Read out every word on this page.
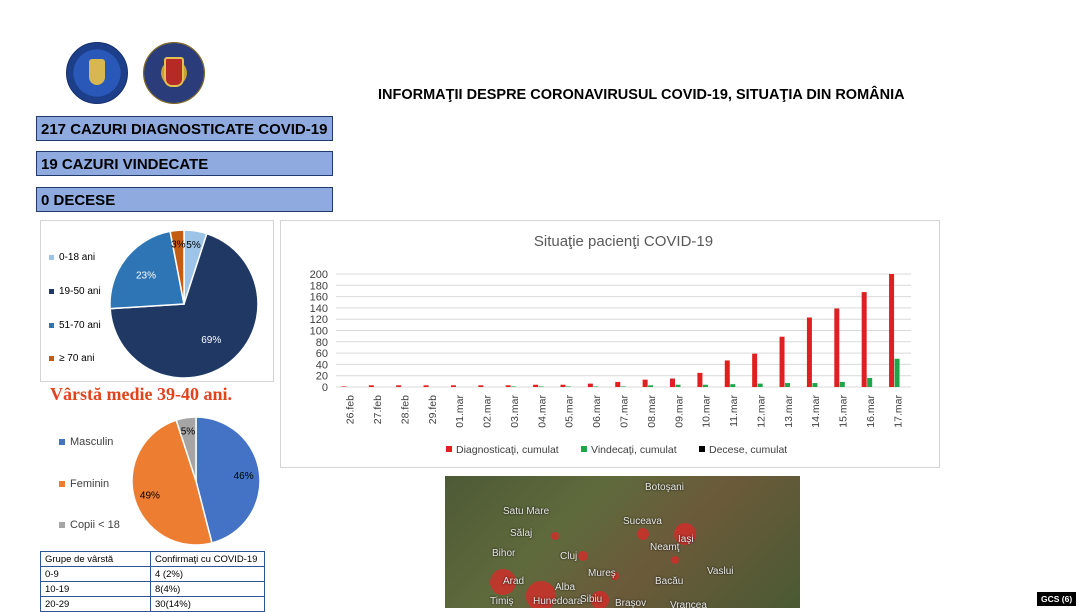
INFORMAŢII DESPRE CORONAVIRUSUL COVID-19, SITUAŢIA DIN ROMÂNIA
217 CAZURI DIAGNOSTICATE COVID-19
19 CAZURI VINDECATE
0 DECESE
0-18 ani
19-50 ani
51-70 ani
≥ 70 ani
5%
69%
23%
3%
Vârstă medie 39-40 ani.
Masculin
Feminin
Copii < 18
46%
49%
5%
Grupe de vârstă	Confirmaţi cu COVID-19
0-9	4 (2%)
10-19	8(4%)
20-29	30(14%)
Situaţie pacienţi COVID-19
0
20
40
60
80
100
120
140
160
180
200
26.feb 27.feb 28.feb 29.feb 01.mar 02.mar 03.mar 04.mar 05.mar 06.mar 07.mar 08.mar 09.mar 10.mar 11.mar 12.mar 13.mar 14.mar 15.mar 16.mar 17.mar
Diagnosticaţi, cumulat	Vindecaţi, cumulat	Decese, cumulat
Botoşani
Satu Mare
Suceava
Sălaj
Iaşi
Bihor	Cluj
Neamţ
Mureş	Vaslui
Bacău
Arad
Alba
Timiş Hunedoara
Sibiu Braşov Vrancea
GCS (6)
